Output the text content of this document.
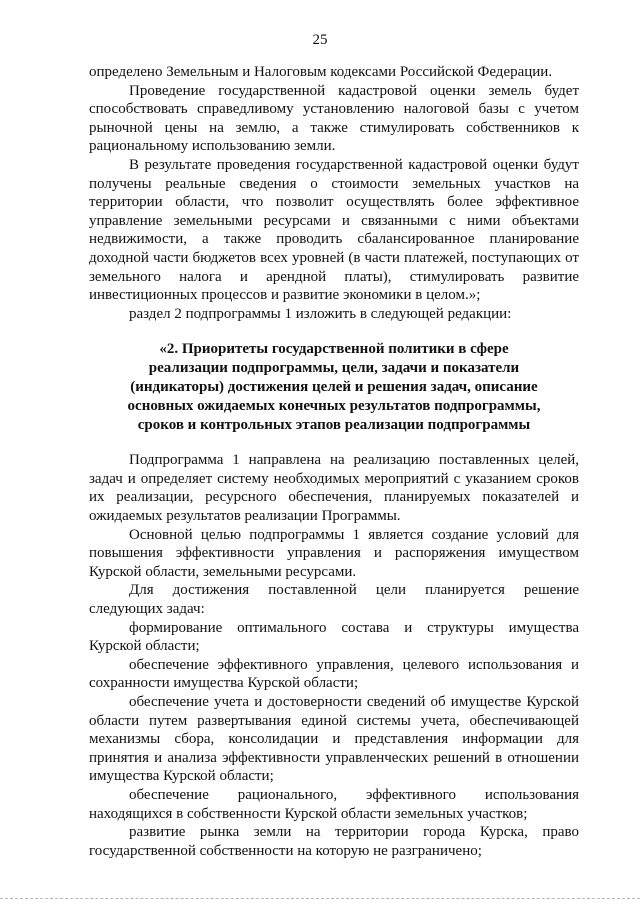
25

определено Земельным и Налоговым кодексами Российской Федерации.

Проведение государственной кадастровой оценки земель будет способствовать справедливому установлению налоговой базы с учетом рыночной цены на землю, а также стимулировать собственников к рациональному использованию земли.

В результате проведения государственной кадастровой оценки будут получены реальные сведения о стоимости земельных участков на территории области, что позволит осуществлять более эффективное управление земельными ресурсами и связанными с ними объектами недвижимости, а также проводить сбалансированное планирование доходной части бюджетов всех уровней (в части платежей, поступающих от земельного налога и арендной платы), стимулировать развитие инвестиционных процессов и развитие экономики в целом.»;

раздел 2 подпрограммы 1 изложить в следующей редакции:

«2. Приоритеты государственной политики в сфере
реализации подпрограммы, цели, задачи и показатели
(индикаторы) достижения целей и решения задач, описание
основных ожидаемых конечных результатов подпрограммы,
сроков и контрольных этапов реализации подпрограммы

Подпрограмма 1 направлена на реализацию поставленных целей, задач и определяет систему необходимых мероприятий с указанием сроков их реализации, ресурсного обеспечения, планируемых показателей и ожидаемых результатов реализации Программы.

Основной целью подпрограммы 1 является создание условий для повышения эффективности управления и распоряжения имуществом Курской области, земельными ресурсами.

Для достижения поставленной цели планируется решение следующих задач:

формирование оптимального состава и структуры имущества Курской области;

обеспечение эффективного управления, целевого использования и сохранности имущества Курской области;

обеспечение учета и достоверности сведений об имуществе Курской области путем развертывания единой системы учета, обеспечивающей механизмы сбора, консолидации и представления информации для принятия и анализа эффективности управленческих решений в отношении имущества Курской области;

обеспечение рационального, эффективного использования находящихся в собственности Курской области земельных участков;

развитие рынка земли на территории города Курска, право государственной собственности на которую не разграничено;
